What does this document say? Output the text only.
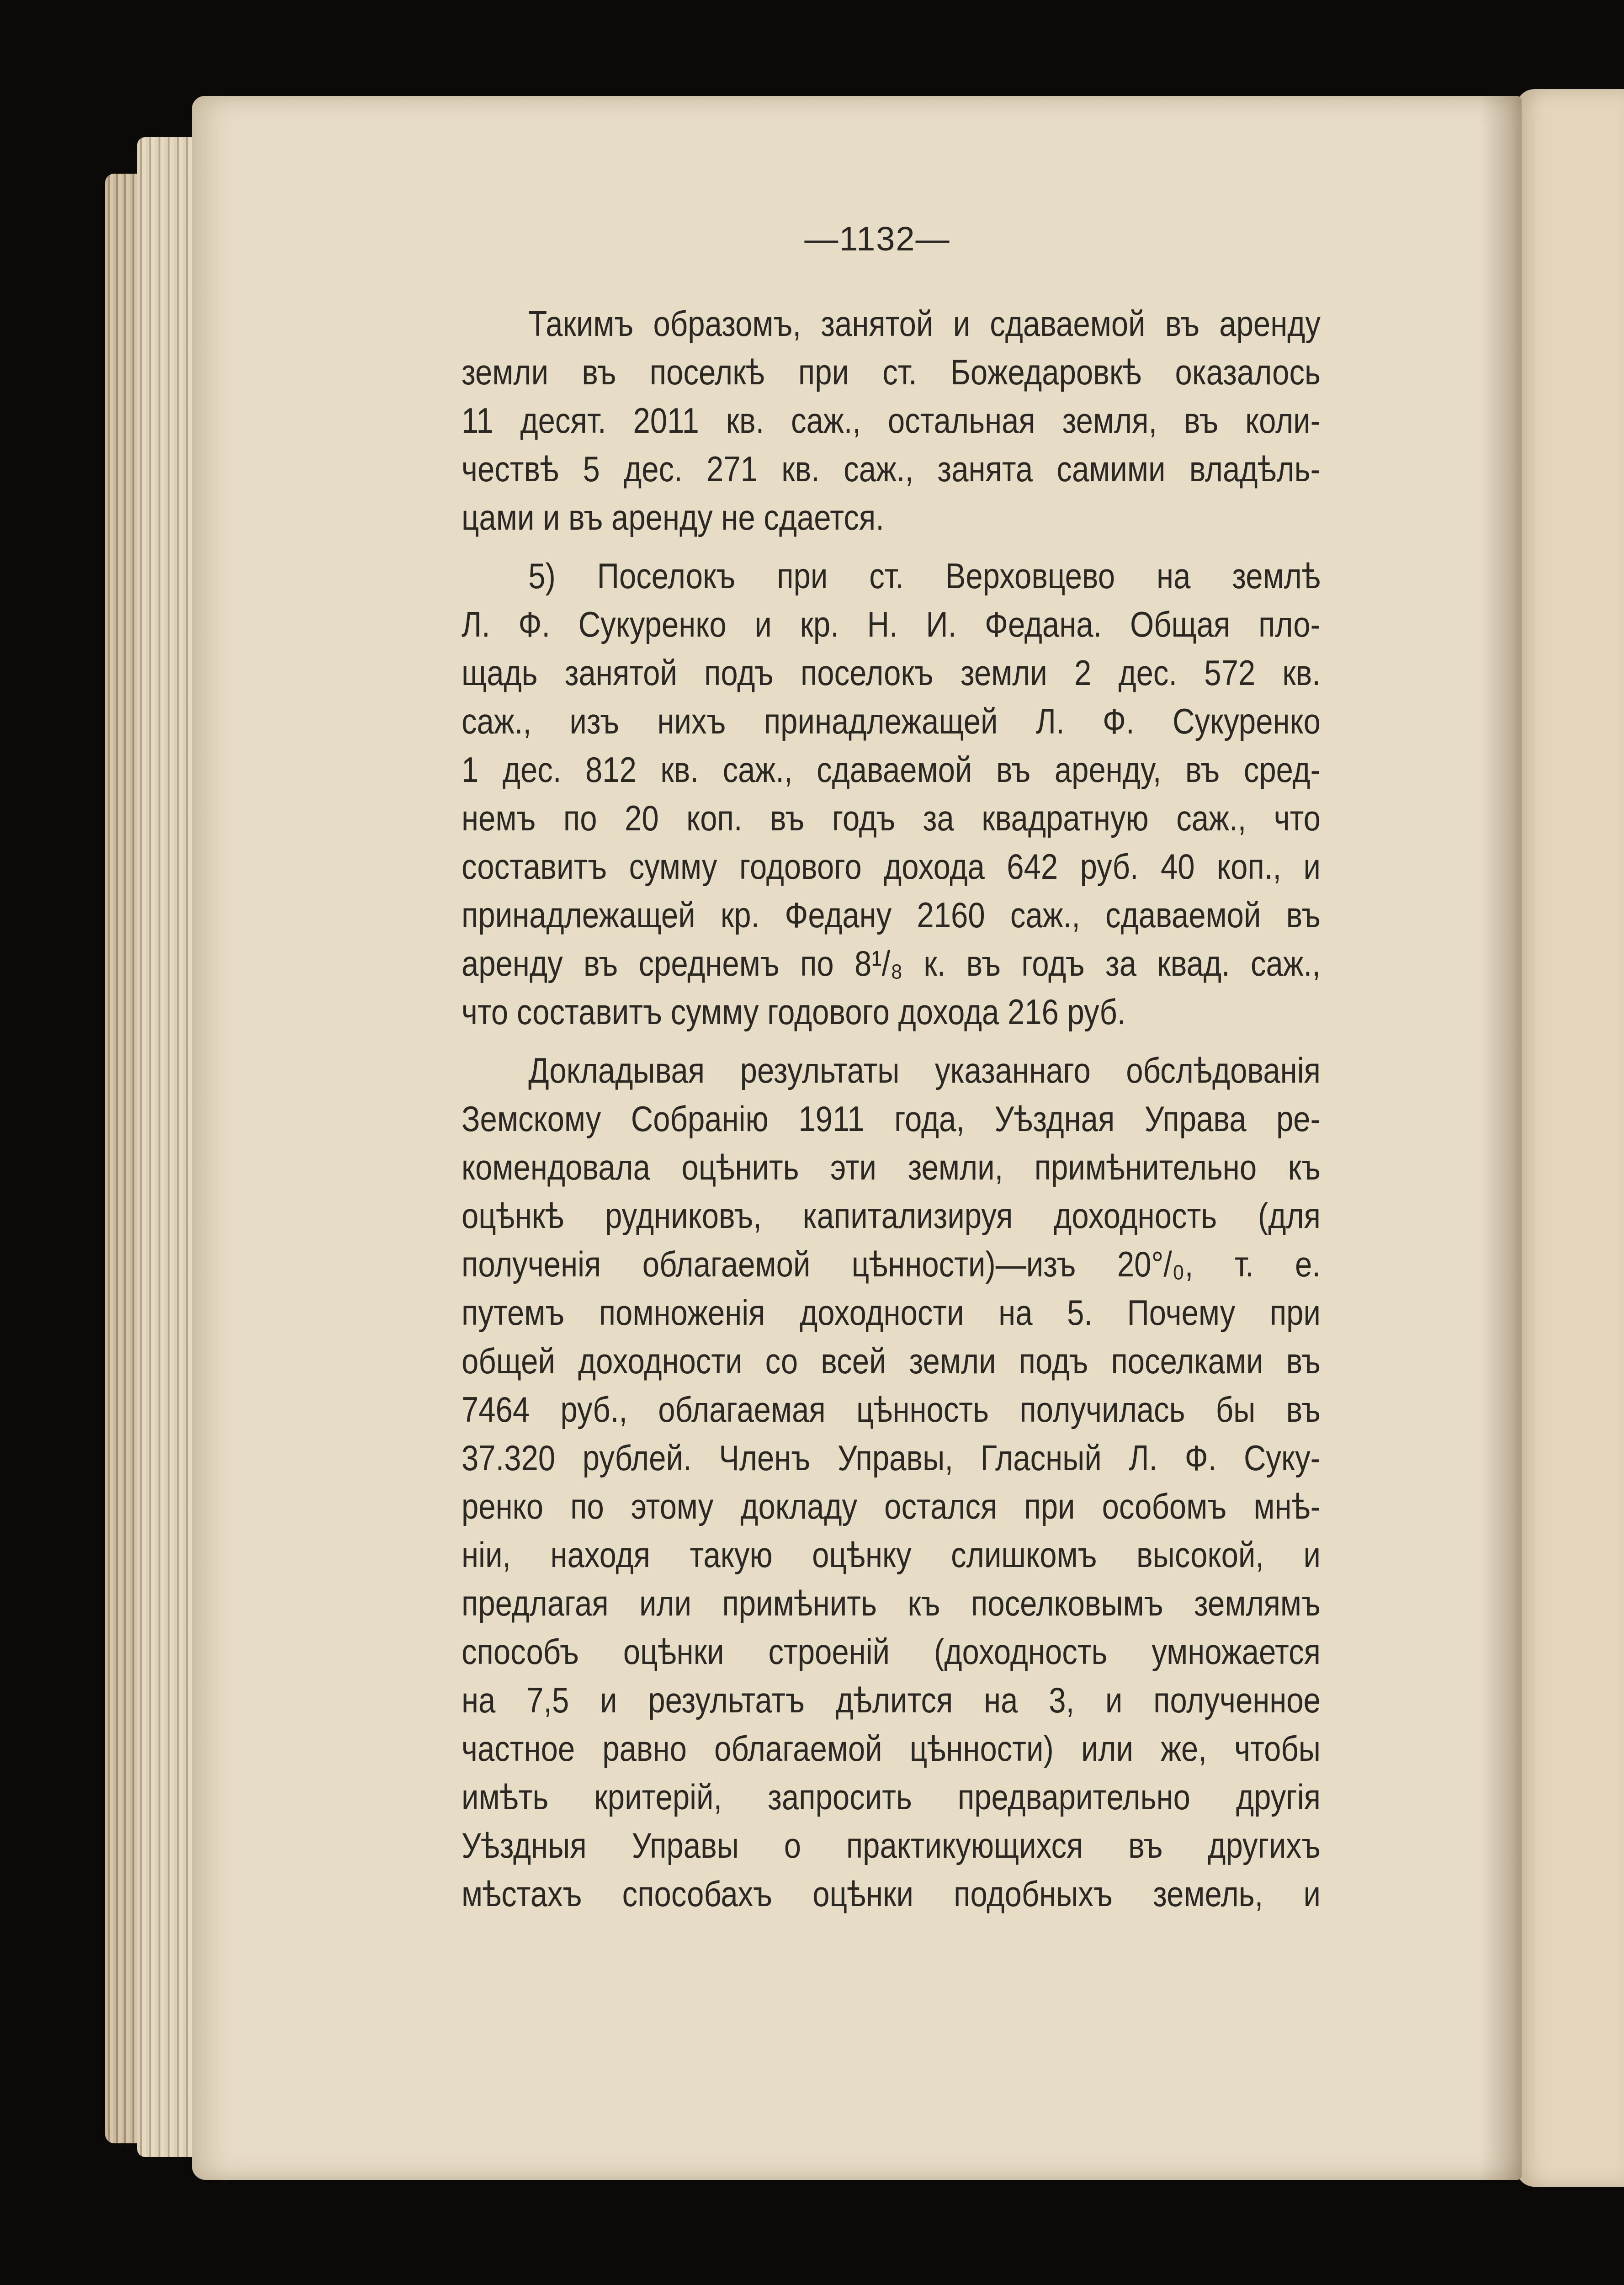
—1132—

Такимъ образомъ, занятой и сдаваемой въ аренду
земли въ поселкѣ при ст. Божедаровкѣ оказалось
11 десят. 2011 кв. саж., остальная земля, въ коли-
чествѣ 5 дес. 271 кв. саж., занята самими владѣль-
цами и въ аренду не сдается.

5) Поселокъ при ст. Верховцево на землѣ
Л. Ф. Сукуренко и кр. Н. И. Федана. Общая пло-
щадь занятой подъ поселокъ земли 2 дес. 572 кв.
саж., изъ нихъ принадлежащей Л. Ф. Сукуренко
1 дес. 812 кв. саж., сдаваемой въ аренду, въ сред-
немъ по 20 коп. въ годъ за квадратную саж., что
составитъ сумму годового дохода 642 руб. 40 коп., и
принадлежащей кр. Федану 2160 саж., сдаваемой въ
аренду въ среднемъ по 8¹/₈ к. въ годъ за квад. саж.,
что составитъ сумму годового дохода 216 руб.

Докладывая результаты указаннаго обслѣдованія
Земскому Собранію 1911 года, Уѣздная Управа ре-
комендовала оцѣнить эти земли, примѣнительно къ
оцѣнкѣ рудниковъ, капитализируя доходность (для
полученія облагаемой цѣнности)—изъ 20°/₀, т. е.
путемъ помноженія доходности на 5. Почему при
общей доходности со всей земли подъ поселками въ
7464 руб., облагаемая цѣнность получилась бы въ
37.320 рублей. Членъ Управы, Гласный Л. Ф. Суку-
ренко по этому докладу остался при особомъ мнѣ-
ніи, находя такую оцѣнку слишкомъ высокой, и
предлагая или примѣнить къ поселковымъ землямъ
способъ оцѣнки строеній (доходность умножается
на 7,5 и результатъ дѣлится на 3, и полученное
частное равно облагаемой цѣнности) или же, чтобы
имѣть критерій, запросить предварительно другія
Уѣздныя Управы о практикующихся въ другихъ
мѣстахъ способахъ оцѣнки подобныхъ земель, и
